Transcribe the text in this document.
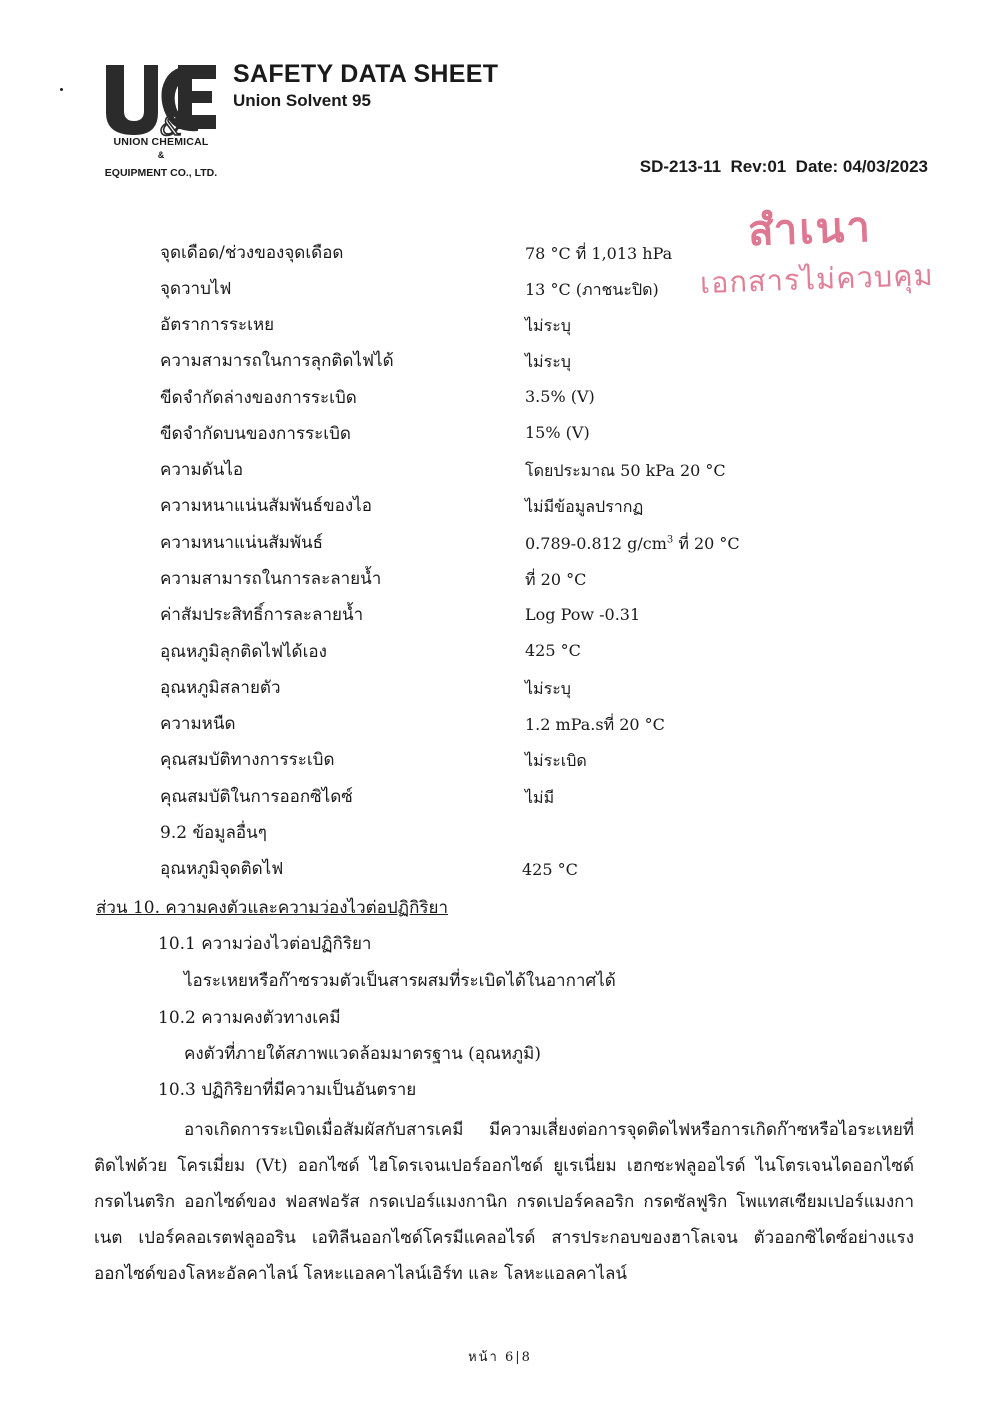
&
UNION CHEMICAL
&
EQUIPMENT CO., LTD.
SAFETY DATA SHEET
Union Solvent 95
SD-213-11  Rev:01  Date: 04/03/2023
สำเนา
เอกสารไม่ควบคุม
จุดเดือด/ช่วงของจุดเดือด	78 °C ที่ 1,013 hPa
จุดวาบไฟ	13 °C (ภาชนะปิด)
อัตราการระเหย	ไม่ระบุ
ความสามารถในการลุกติดไฟได้	ไม่ระบุ
ขีดจำกัดล่างของการระเบิด	3.5% (V)
ขีดจำกัดบนของการระเบิด	15% (V)
ความดันไอ	โดยประมาณ 50 kPa 20 °C
ความหนาแน่นสัมพันธ์ของไอ	ไม่มีข้อมูลปรากฏ
ความหนาแน่นสัมพันธ์	0.789-0.812 $g/cm^3$ ที่ 20 °C
ความสามารถในการละลายน้ำ	ที่ 20 °C
ค่าสัมประสิทธิ์การละลายน้ำ	Log Pow -0.31
อุณหภูมิลุกติดไฟได้เอง	425 °C
อุณหภูมิสลายตัว	ไม่ระบุ
ความหนืด	1.2 mPa.sที่ 20 °C
คุณสมบัติทางการระเบิด	ไม่ระเบิด
คุณสมบัติในการออกซิไดซ์	ไม่มี
9.2 ข้อมูลอื่นๆ
อุณหภูมิจุดติดไฟ	425 °C
ส่วน 10. ความคงตัวและความว่องไวต่อปฏิกิริยา
10.1 ความว่องไวต่อปฏิกิริยา
ไอระเหยหรือก๊าซรวมตัวเป็นสารผสมที่ระเบิดได้ในอากาศได้
10.2 ความคงตัวทางเคมี
คงตัวที่ภายใต้สภาพแวดล้อมมาตรฐาน (อุณหภูมิ)
10.3 ปฏิกิริยาที่มีความเป็นอันตราย
อาจเกิดการระเบิดเมื่อสัมผัสกับสารเคมี มีความเสี่ยงต่อการจุดติดไฟหรือการเกิดก๊าซหรือไอระเหยที่ติดไฟด้วย โครเมี่ยม (Vt) ออกไซด์ ไฮโดรเจนเปอร์ออกไซด์ ยูเรเนี่ยม เฮกซะฟลูออไรด์ ไนโตรเจนไดออกไซด์ กรดไนตริก ออกไซด์ของ ฟอสฟอรัส กรดเปอร์แมงกานิก กรดเปอร์คลอริก กรดซัลฟูริก โพแทสเซียมเปอร์แมงกาเนต เปอร์คลอเรตฟลูออริน เอทิลีนออกไซด์โครมีแคลอไรด์ สารประกอบของฮาโลเจน ตัวออกซิไดซ์อย่างแรง ออกไซด์ของโลหะอัลคาไลน์ โลหะแอลคาไลน์เอิร์ท และ โลหะแอลคาไลน์
หน้า 6|8
